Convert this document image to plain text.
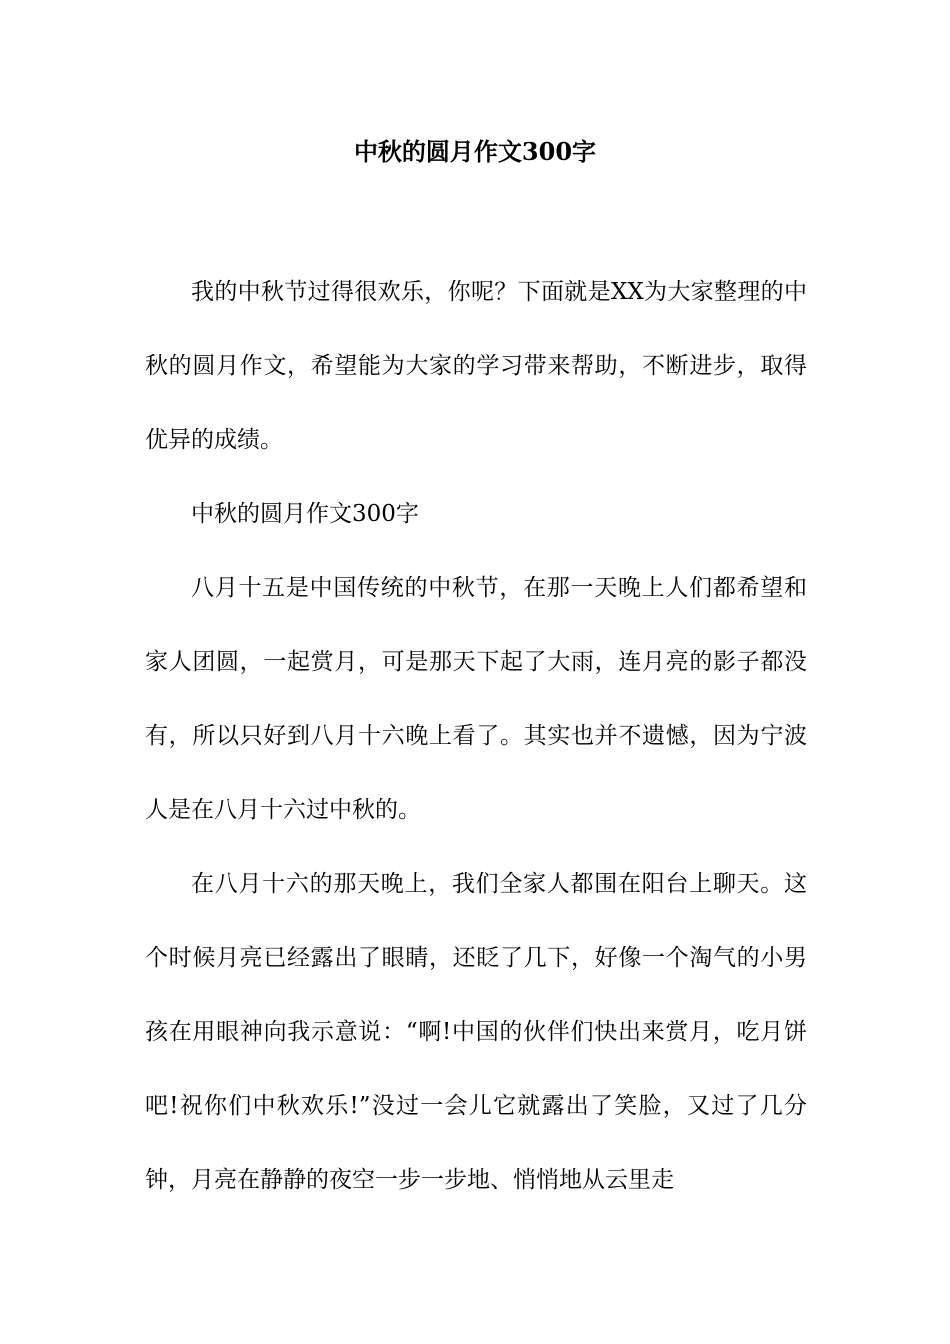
中秋的圆月作文300字

我的中秋节过得很欢乐，你呢？下面就是XX为大家整理的中秋的圆月作文，希望能为大家的学习带来帮助，不断进步，取得优异的成绩。

中秋的圆月作文300字

八月十五是中国传统的中秋节，在那一天晚上人们都希望和家人团圆，一起赏月，可是那天下起了大雨，连月亮的影子都没有，所以只好到八月十六晚上看了。其实也并不遗憾，因为宁波人是在八月十六过中秋的。

在八月十六的那天晚上，我们全家人都围在阳台上聊天。这个时候月亮已经露出了眼睛，还眨了几下，好像一个淘气的小男孩在用眼神向我示意说：“啊!中国的伙伴们快出来赏月，吃月饼吧!祝你们中秋欢乐!”没过一会儿它就露出了笑脸，又过了几分钟，月亮在静静的夜空一步一步地、悄悄地从云里走
